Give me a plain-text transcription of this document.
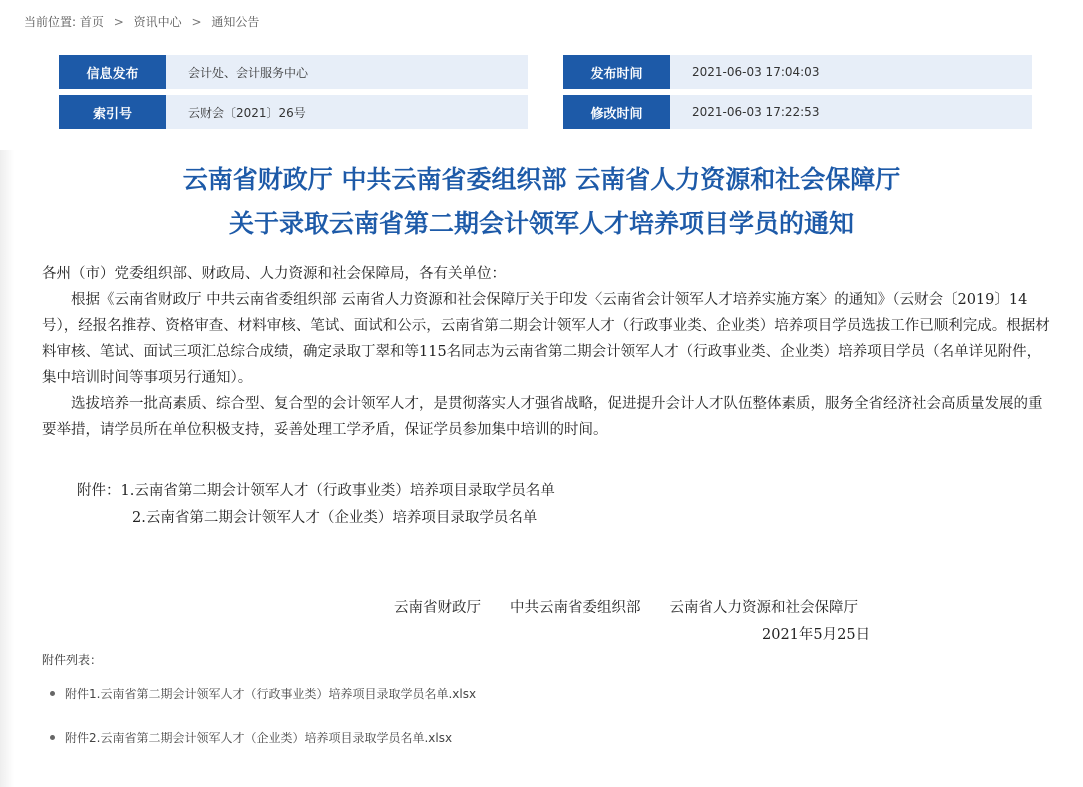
当前位置: 首页 > 资讯中心 > 通知公告
信息发布	会计处、会计服务中心
索引号	云财会〔2021〕26号
发布时间	2021-06-03 17:04:03
修改时间	2021-06-03 17:22:53
云南省财政厅 中共云南省委组织部 云南省人力资源和社会保障厅
关于录取云南省第二期会计领军人才培养项目学员的通知

各州（市）党委组织部、财政局、人力资源和社会保障局，各有关单位：

根据《云南省财政厅 中共云南省委组织部 云南省人力资源和社会保障厅关于印发〈云南省会计领军人才培养实施方案〉的通知》（云财会〔2019〕14号），经报名推荐、资格审查、材料审核、笔试、面试和公示，云南省第二期会计领军人才（行政事业类、企业类）培养项目学员选拔工作已顺利完成。根据材料审核、笔试、面试三项汇总综合成绩，确定录取丁翠和等115名同志为云南省第二期会计领军人才（行政事业类、企业类）培养项目学员（名单详见附件，集中培训时间等事项另行通知）。

选拔培养一批高素质、综合型、复合型的会计领军人才，是贯彻落实人才强省战略，促进提升会计人才队伍整体素质，服务全省经济社会高质量发展的重要举措，请学员所在单位积极支持，妥善处理工学矛盾，保证学员参加集中培训的时间。

附件：1.云南省第二期会计领军人才（行政事业类）培养项目录取学员名单
2.云南省第二期会计领军人才（企业类）培养项目录取学员名单
云南省财政厅　　中共云南省委组织部　　云南省人力资源和社会保障厅
2021年5月25日
附件列表：
附件1.云南省第二期会计领军人才（行政事业类）培养项目录取学员名单.xlsx
附件2.云南省第二期会计领军人才（企业类）培养项目录取学员名单.xlsx
